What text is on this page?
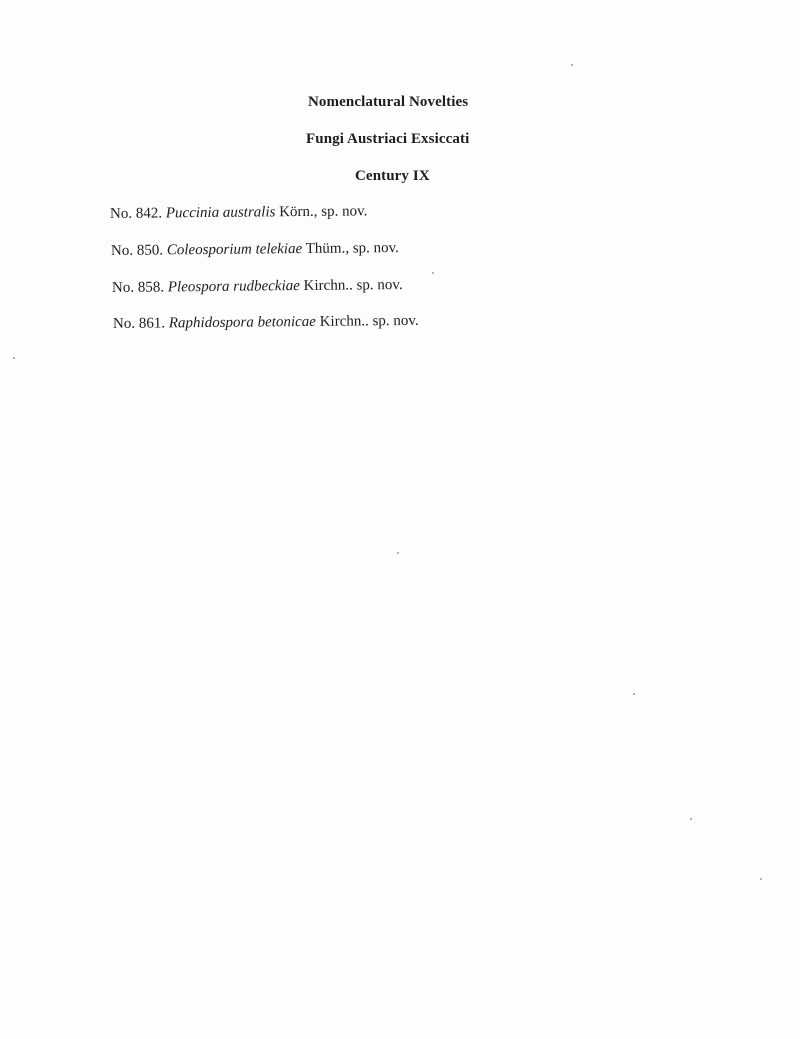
Nomenclatural Novelties
Fungi Austriaci Exsiccati
Century IX
No. 842. Puccinia australis Körn., sp. nov.
No. 850. Coleosporium telekiae Thüm., sp. nov.
No. 858. Pleospora rudbeckiae Kirchn.. sp. nov.
No. 861. Raphidospora betonicae Kirchn.. sp. nov.
